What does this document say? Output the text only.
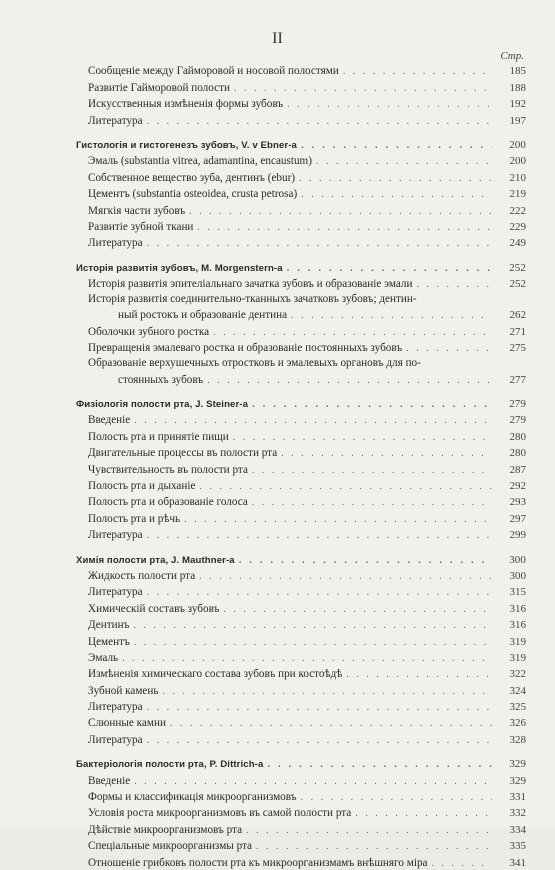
II
Стр.
Сообщеніе между Гайморовой и носовой полостями . . .	185
Развитіе Гайморовой полости . . .	188
Искусственныя измѣненія формы зубовъ . . .	192
Литература . . .	197
Гистологія и гистогенезъ зубовъ, V. v Ebner-a . . .	200
Эмаль (substantia vitrea, adamantina, encaustum) . . .	200
Собственное вещество зуба, дентинъ (ebur) . . .	210
Цементъ (substantia osteoidea, crusta petrosa) . . .	219
Мягкія части зубовъ . . .	222
Развитіе зубной ткани . . .	229
Литература . . .	249
Исторія развитія зубовъ, M. Morgenstern-a . . .	252
Исторія развитія эпителіальнаго зачатка зубовъ и образованіе эмали . . .	252
Исторія развитія соединительно-тканныхъ зачатковъ зубовъ; дентин-
ный ростокъ и образованіе дентина . . .	262
Оболочки зубного ростка . . .	271
Превращенія эмалеваго ростка и образованіе постоянныхъ зубовъ . . .	275
Образованіе верхушечныхъ отростковъ и эмалевыхъ органовъ для по-
стоянныхъ зубовъ . . .	277
Физіологія полости рта, J. Steiner-a . . .	279
Введеніе . . .	279
Полость рта и принятіе пищи . . .	280
Двигательные процессы въ полости рта . . .	280
Чувствительность въ полости рта . . .	287
Полость рта и дыханіе . . .	292
Полость рта и образованіе голоса . . .	293
Полость рта и рѣчь . . .	297
Литература . . .	299
Химія полости рта, J. Mauthner-a . . .	300
Жидкость полости рта . . .	300
Литература . . .	315
Химическій составъ зубовъ . . .	316
Дентинъ . . .	316
Цементъ . . .	319
Эмаль . . .	319
Измѣненія химическаго состава зубовъ при костоѣдѣ . . .	322
Зубной камень . . .	324
Литература . . .	325
Слюнные камни . . .	326
Литература . . .	328
Бактеріологія полости рта, P. Dittrich-a . . .	329
Введеніе . . .	329
Формы и классификація микроорганизмовъ . . .	331
Условія роста микроорганизмовъ въ самой полости рта . . .	332
Дѣйствіе микроорганизмовъ рта . . .	334
Спеціальные микроорганизмы рта . . .	335
Отношеніе грибковъ полости рта къ микроорганизмамъ внѣшняго міра . . .	341
